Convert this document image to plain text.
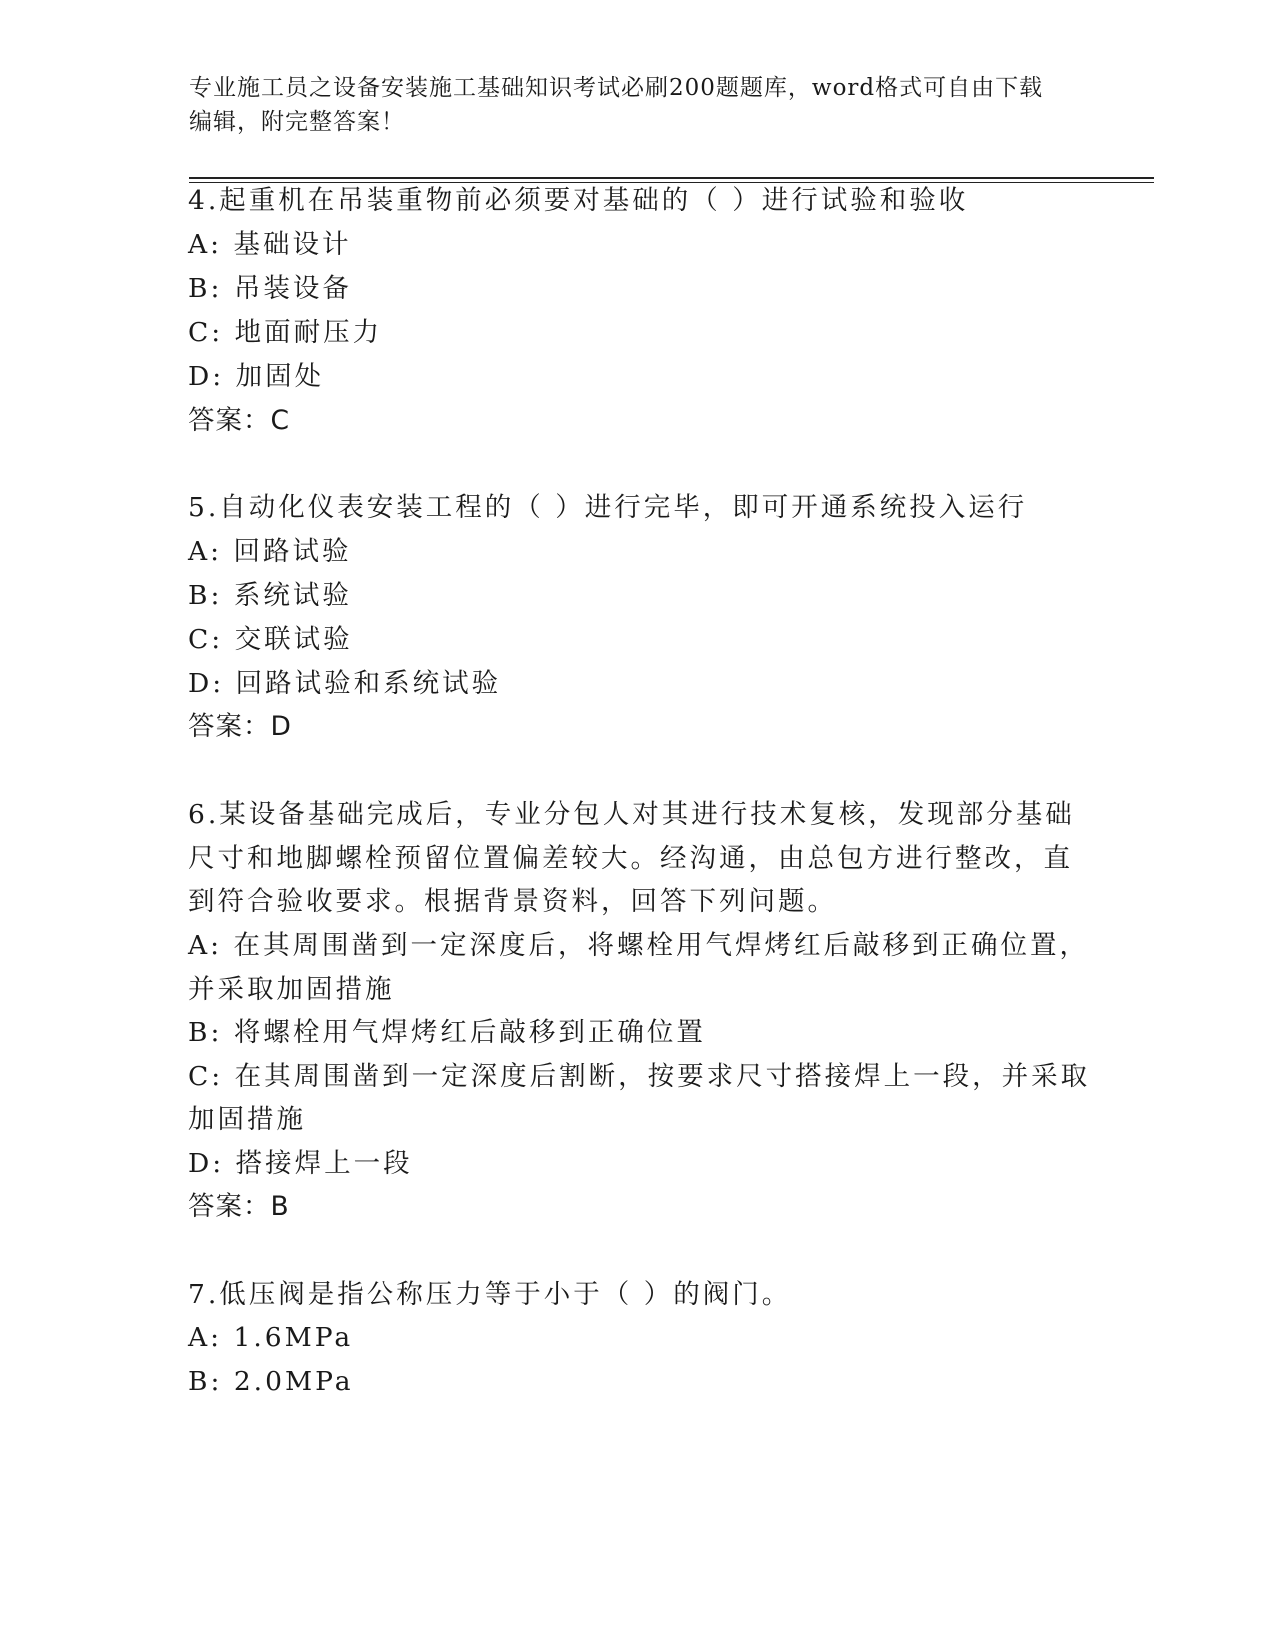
专业施工员之设备安装施工基础知识考试必刷200题题库，word格式可自由下载
编辑，附完整答案！
4.起重机在吊装重物前必须要对基础的（ ）进行试验和验收
A: 基础设计
B: 吊装设备
C: 地面耐压力
D: 加固处
答案：C
5.自动化仪表安装工程的（ ）进行完毕，即可开通系统投入运行
A: 回路试验
B: 系统试验
C: 交联试验
D: 回路试验和系统试验
答案：D
6.某设备基础完成后，专业分包人对其进行技术复核，发现部分基础
尺寸和地脚螺栓预留位置偏差较大。经沟通，由总包方进行整改，直
到符合验收要求。根据背景资料，回答下列问题。
A: 在其周围凿到一定深度后，将螺栓用气焊烤红后敲移到正确位置，
并采取加固措施
B: 将螺栓用气焊烤红后敲移到正确位置
C: 在其周围凿到一定深度后割断，按要求尺寸搭接焊上一段，并采取
加固措施
D: 搭接焊上一段
答案：B
7.低压阀是指公称压力等于小于（ ）的阀门。
A: 1.6MPa
B: 2.0MPa
